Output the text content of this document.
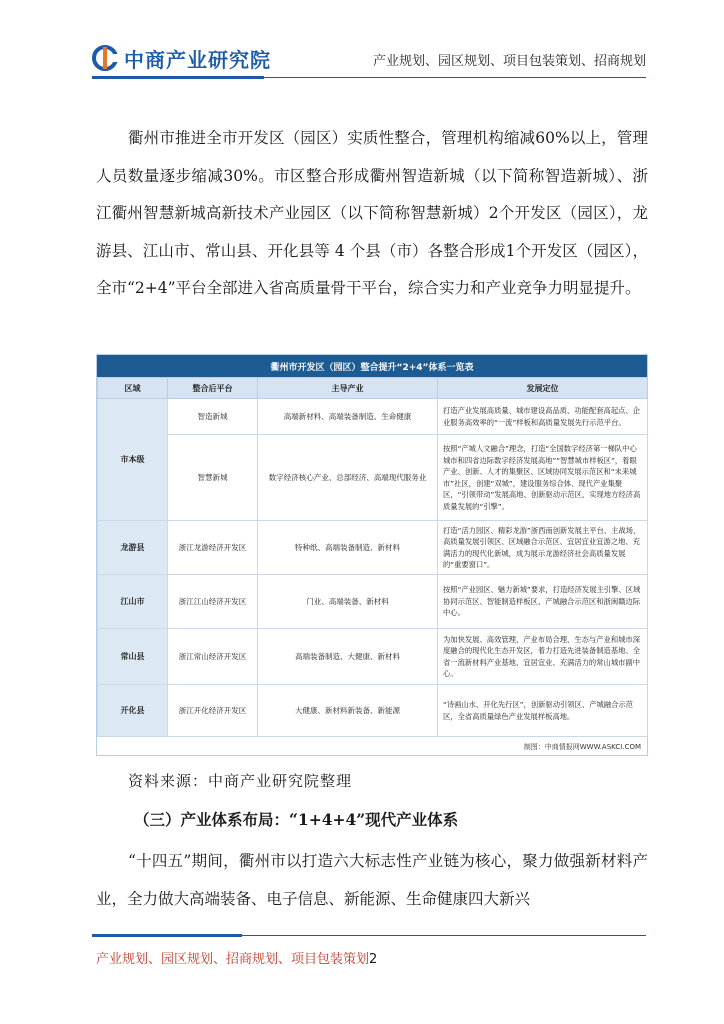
中商产业研究院	产业规划、园区规划、项目包装策划、招商规划

衢州市推进全市开发区（园区）实质性整合，管理机构缩减60%以上，管理人员数量逐步缩减30%。市区整合形成衢州智造新城（以下简称智造新城）、浙江衢州智慧新城高新技术产业园区（以下简称智慧新城）2个开发区（园区），龙游县、江山市、常山县、开化县等 4 个县（市）各整合形成1个开发区（园区），全市“2+4”平台全部进入省高质量骨干平台，综合实力和产业竞争力明显提升。

衢州市开发区（园区）整合提升“2+4”体系一览表
区域	整合后平台	主导产业	发展定位
市本级	智造新城	高端新材料、高端装备制造、生命健康	打造产业发展高质量、城市建设高品质、功能配套高起点、企业服务高效率的“一流”样板和高质量发展先行示范平台。
	智慧新城	数字经济核心产业、总部经济、高端现代服务业	按照“产城人文融合”理念，打造“全国数字经济第一梯队中心城市和四省边际数字经济发展高地”“智慧城市样板区”，着眼产业、创新、人才的集聚区、区域协同发展示范区和“未来城市”社区，创建“双城”，建设服务综合体、现代产业集聚区，“引领带动”发展高地、创新驱动示范区，实现地方经济高质量发展的“引擎”。
龙游县	浙江龙游经济开发区	特种纸、高端装备制造、新材料	打造“活力园区、精彩龙游”浙西南创新发展主平台、主战场，高质量发展引领区、区域融合示范区、宜居宜业宜游之地、充满活力的现代化新城，成为展示龙游经济社会高质量发展的“重要窗口”。
江山市	浙江江山经济开发区	门业、高端装备、新材料	按照“产业园区、魅力新城”要求，打造经济发展主引擎、区域协同示范区、智能制造样板区、产城融合示范区和浙闽赣边际中心。
常山县	浙江常山经济开发区	高端装备制造、大健康、新材料	为加快发展、高效管理、产业布局合理、生态与产业和城市深度融合的现代化生态开发区，着力打造先进装备制造基地、全省一流新材料产业基地、宜居宜业、充满活力的常山城市副中心。
开化县	浙江开化经济开发区	大健康、新材料新装备、新能源	“诗画山水、开化先行区”，创新驱动引领区、产城融合示范区，全省高质量绿色产业发展样板高地。
制图：中商情报网WWW.ASKCI.COM
资料来源：中商产业研究院整理
（三）产业体系布局：“1+4+4”现代产业体系

“十四五”期间，衢州市以打造六大标志性产业链为核心，聚力做强新材料产业，全力做大高端装备、电子信息、新能源、生命健康四大新兴

产业规划、园区规划、招商规划、项目包装策划2
